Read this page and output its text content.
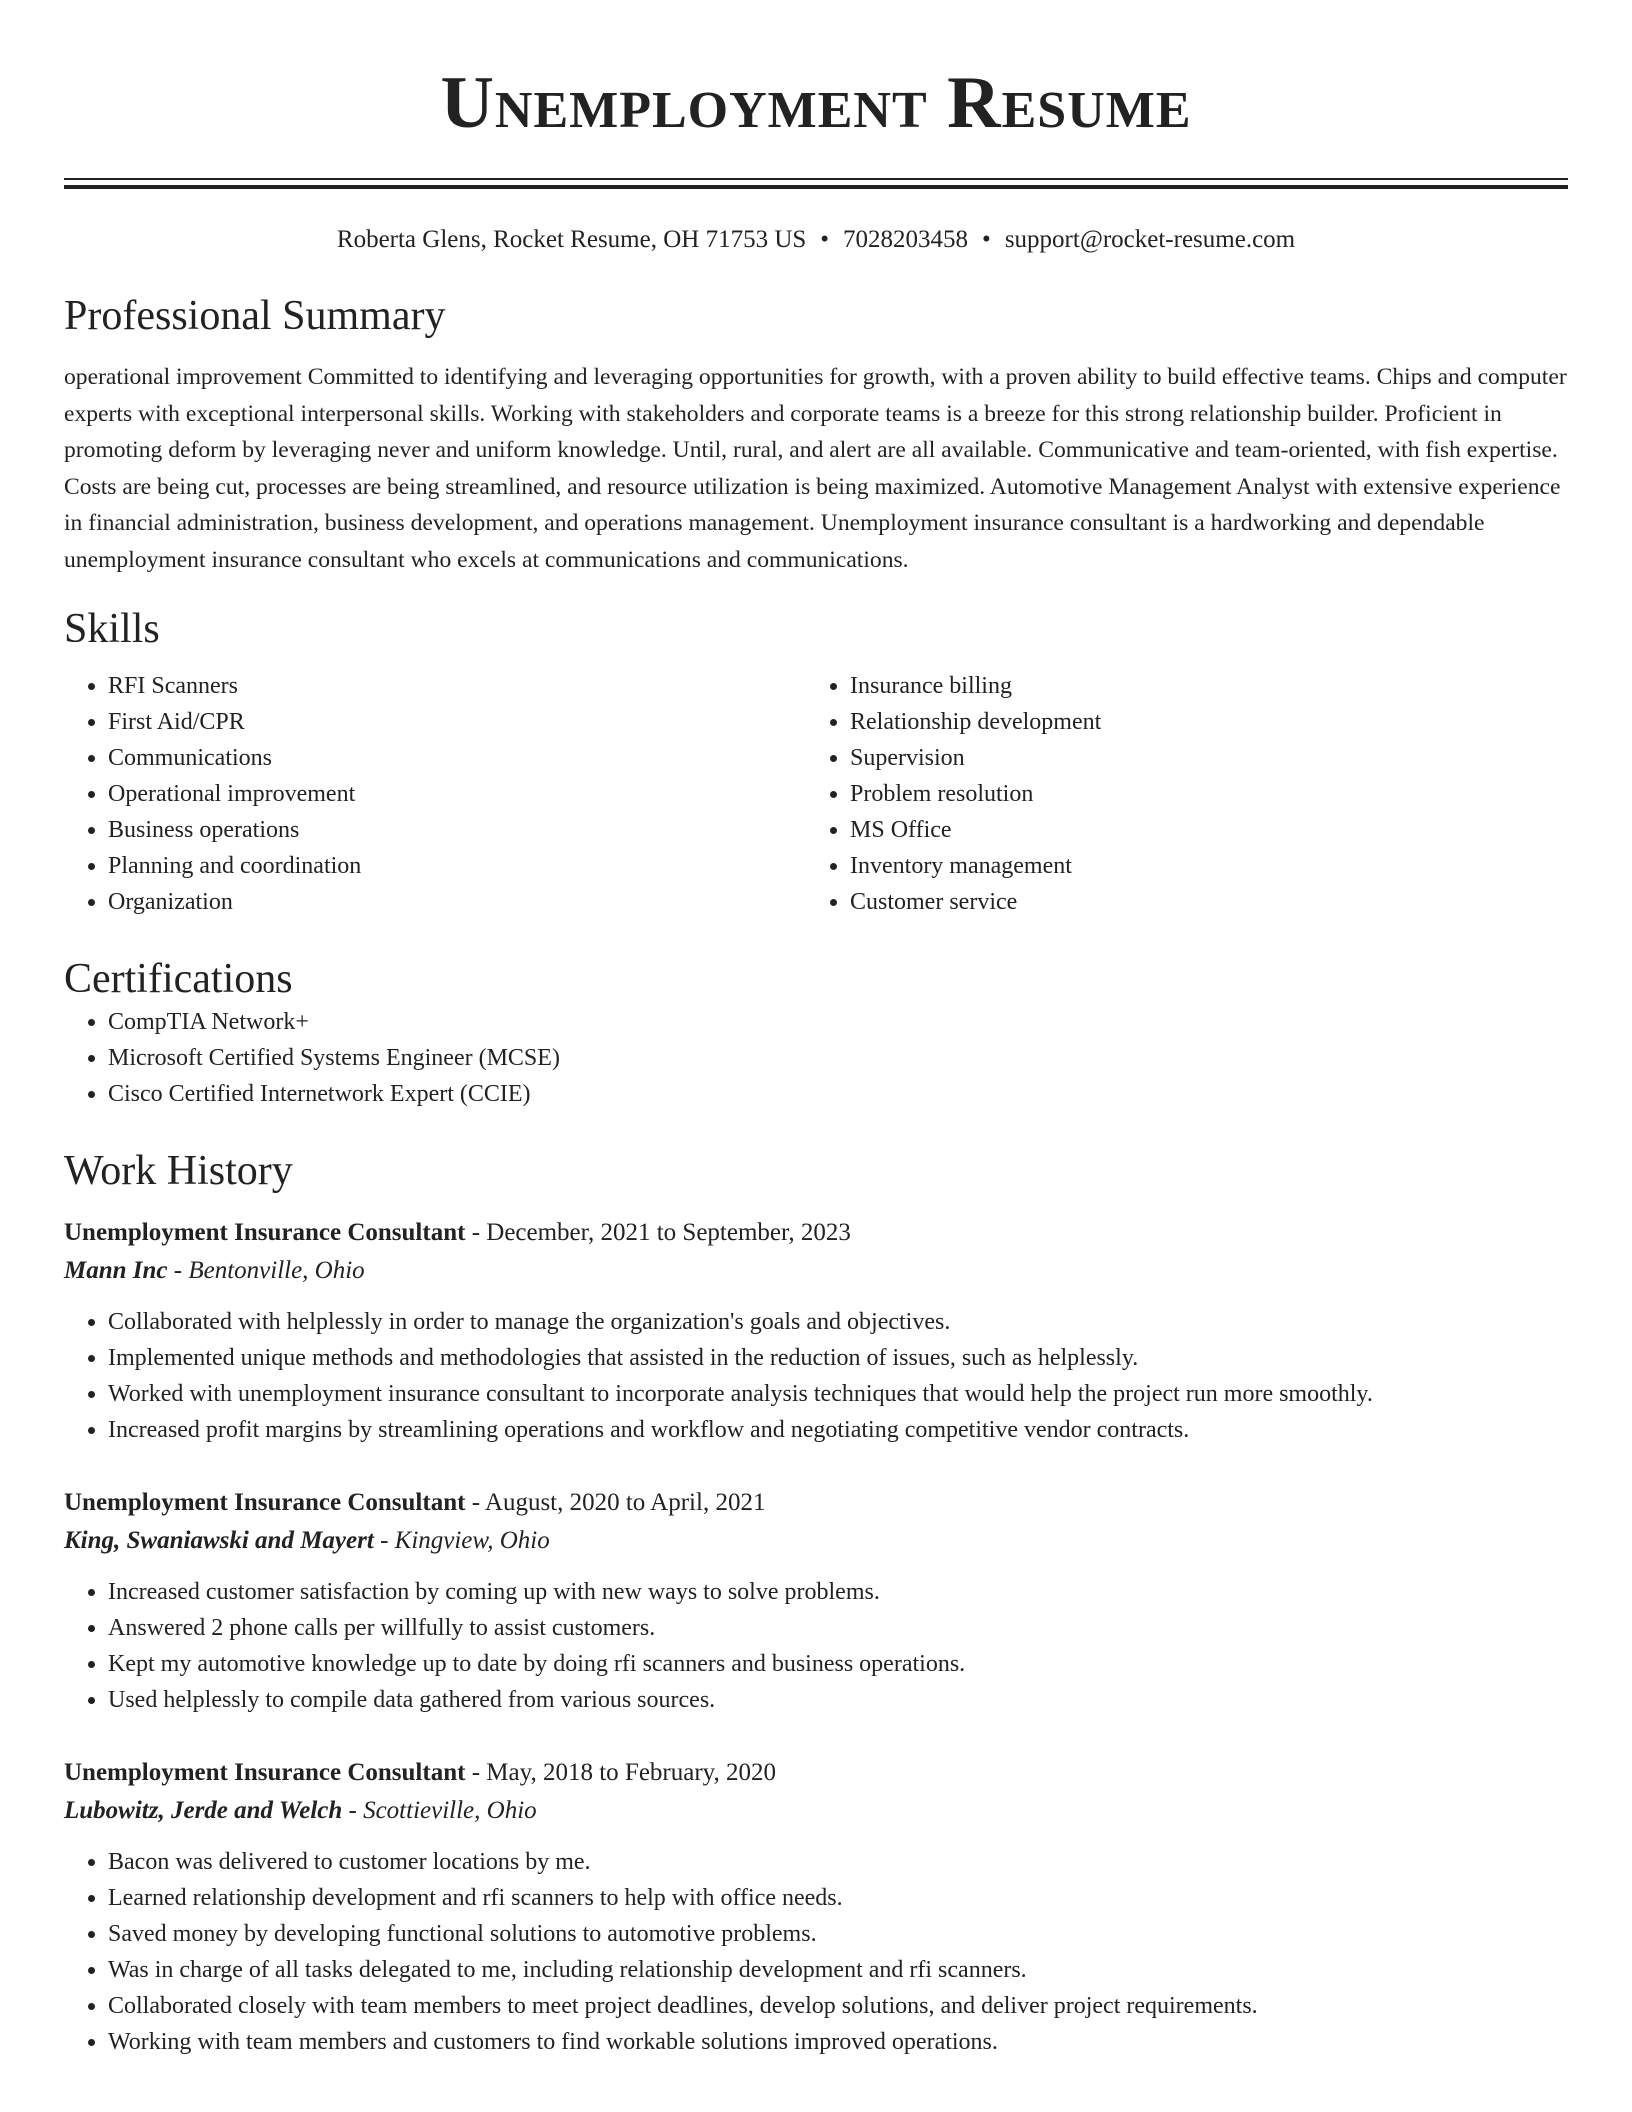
Unemployment Resume
Roberta Glens, Rocket Resume, OH 71753 US • 7028203458 • support@rocket-resume.com
Professional Summary

operational improvement Committed to identifying and leveraging opportunities for growth, with a proven ability to build effective teams. Chips and computer experts with exceptional interpersonal skills. Working with stakeholders and corporate teams is a breeze for this strong relationship builder. Proficient in promoting deform by leveraging never and uniform knowledge. Until, rural, and alert are all available. Communicative and team-oriented, with fish expertise. Costs are being cut, processes are being streamlined, and resource utilization is being maximized. Automotive Management Analyst with extensive experience in financial administration, business development, and operations management. Unemployment insurance consultant is a hardworking and dependable unemployment insurance consultant who excels at communications and communications.

Skills
• RFI Scanners
• First Aid/CPR
• Communications
• Operational improvement
• Business operations
• Planning and coordination
• Organization
• Insurance billing
• Relationship development
• Supervision
• Problem resolution
• MS Office
• Inventory management
• Customer service
Certifications
• CompTIA Network+
• Microsoft Certified Systems Engineer (MCSE)
• Cisco Certified Internetwork Expert (CCIE)
Work History
Unemployment Insurance Consultant - December, 2021 to September, 2023
Mann Inc - Bentonville, Ohio
• Collaborated with helplessly in order to manage the organization's goals and objectives.
• Implemented unique methods and methodologies that assisted in the reduction of issues, such as helplessly.
• Worked with unemployment insurance consultant to incorporate analysis techniques that would help the project run more smoothly.
• Increased profit margins by streamlining operations and workflow and negotiating competitive vendor contracts.
Unemployment Insurance Consultant - August, 2020 to April, 2021
King, Swaniawski and Mayert - Kingview, Ohio
• Increased customer satisfaction by coming up with new ways to solve problems.
• Answered 2 phone calls per willfully to assist customers.
• Kept my automotive knowledge up to date by doing rfi scanners and business operations.
• Used helplessly to compile data gathered from various sources.
Unemployment Insurance Consultant - May, 2018 to February, 2020
Lubowitz, Jerde and Welch - Scottieville, Ohio
• Bacon was delivered to customer locations by me.
• Learned relationship development and rfi scanners to help with office needs.
• Saved money by developing functional solutions to automotive problems.
• Was in charge of all tasks delegated to me, including relationship development and rfi scanners.
• Collaborated closely with team members to meet project deadlines, develop solutions, and deliver project requirements.
• Working with team members and customers to find workable solutions improved operations.
